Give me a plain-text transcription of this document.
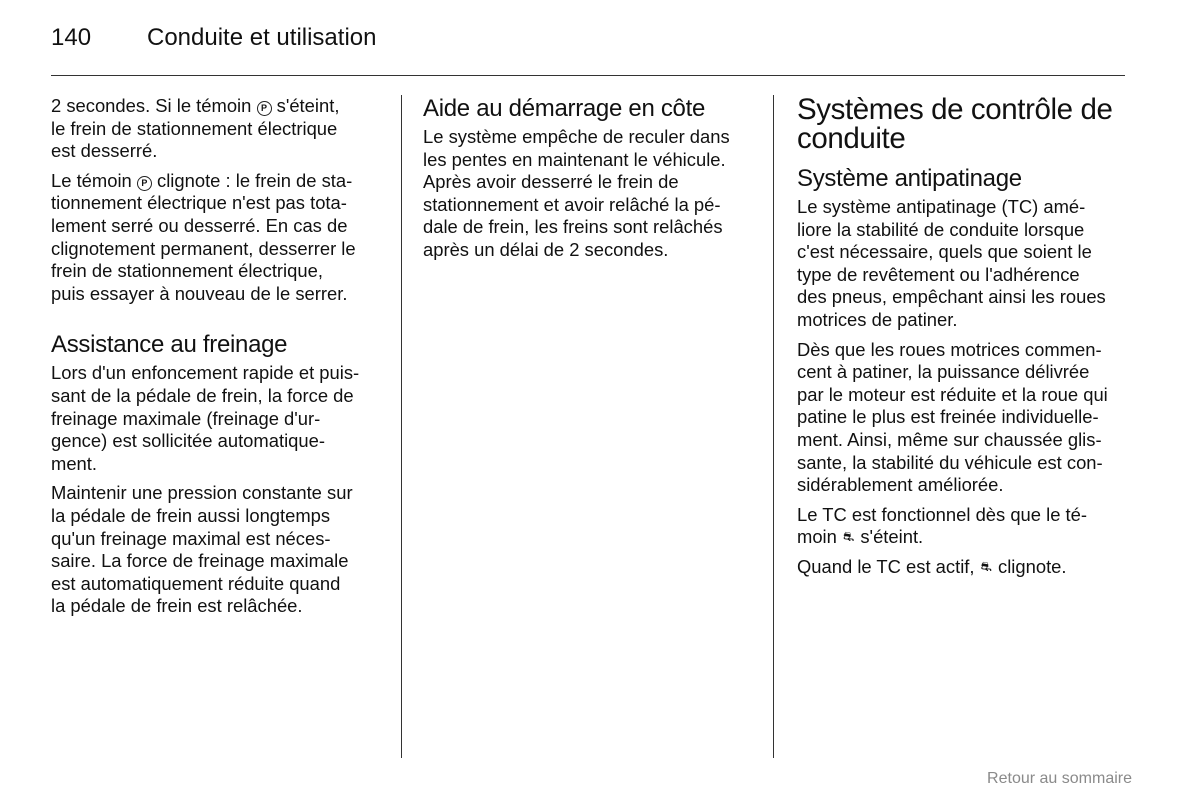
140	Conduite et utilisation

2 secondes. Si le témoin P s'éteint,
le frein de stationnement électrique
est desserré.

Le témoin P clignote : le frein de sta-
tionnement électrique n'est pas tota-
lement serré ou desserré. En cas de
clignotement permanent, desserrer le
frein de stationnement électrique,
puis essayer à nouveau de le serrer.

Assistance au freinage

Lors d'un enfoncement rapide et puis-
sant de la pédale de frein, la force de
freinage maximale (freinage d'ur-
gence) est sollicitée automatique-
ment.

Maintenir une pression constante sur
la pédale de frein aussi longtemps
qu'un freinage maximal est néces-
saire. La force de freinage maximale
est automatiquement réduite quand
la pédale de frein est relâchée.

Aide au démarrage en côte

Le système empêche de reculer dans
les pentes en maintenant le véhicule.
Après avoir desserré le frein de
stationnement et avoir relâché la pé-
dale de frein, les freins sont relâchés
après un délai de 2 secondes.

Systèmes de contrôle de
conduite
Système antipatinage

Le système antipatinage (TC) amé-
liore la stabilité de conduite lorsque
c'est nécessaire, quels que soient le
type de revêtement ou l'adhérence
des pneus, empêchant ainsi les roues
motrices de patiner.

Dès que les roues motrices commen-
cent à patiner, la puissance délivrée
par le moteur est réduite et la roue qui
patine le plus est freinée individuelle-
ment. Ainsi, même sur chaussée glis-
sante, la stabilité du véhicule est con-
sidérablement améliorée.

Le TC est fonctionnel dès que le té-
moin ⛐ s'éteint.

Quand le TC est actif, ⛐ clignote.

Retour au sommaire
